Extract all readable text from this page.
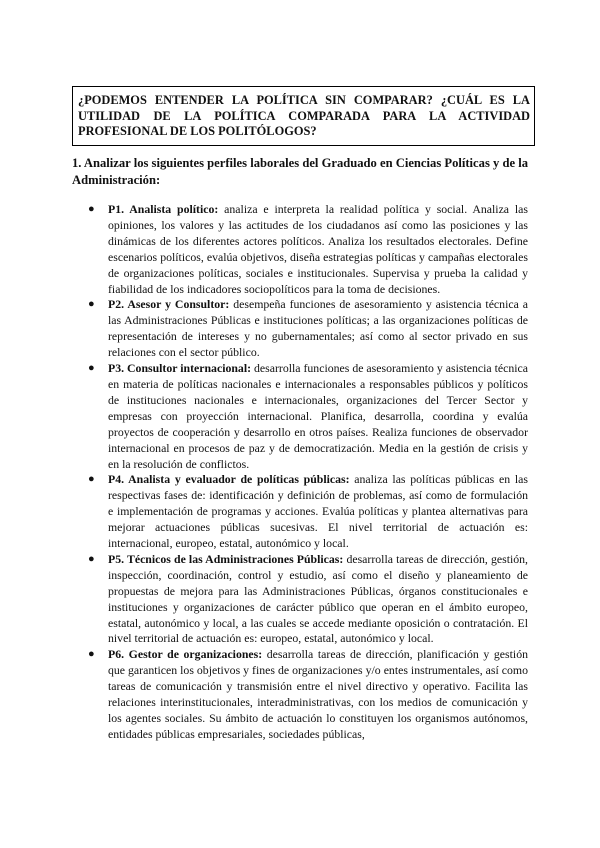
¿PODEMOS ENTENDER LA POLÍTICA SIN COMPARAR? ¿CUÁL ES LA UTILIDAD DE LA POLÍTICA COMPARADA PARA LA ACTIVIDAD PROFESIONAL DE LOS POLITÓLOGOS?
1. Analizar los siguientes perfiles laborales del Graduado en Ciencias Políticas y de la Administración:
● P1. Analista político: analiza e interpreta la realidad política y social. Analiza las opiniones, los valores y las actitudes de los ciudadanos así como las posiciones y las dinámicas de los diferentes actores políticos. Analiza los resultados electorales. Define escenarios políticos, evalúa objetivos, diseña estrategias políticas y campañas electorales de organizaciones políticas, sociales e institucionales. Supervisa y prueba la calidad y fiabilidad de los indicadores sociopolíticos para la toma de decisiones.
● P2. Asesor y Consultor: desempeña funciones de asesoramiento y asistencia técnica a las Administraciones Públicas e instituciones políticas; a las organizaciones políticas de representación de intereses y no gubernamentales; así como al sector privado en sus relaciones con el sector público.
● P3. Consultor internacional: desarrolla funciones de asesoramiento y asistencia técnica en materia de políticas nacionales e internacionales a responsables públicos y políticos de instituciones nacionales e internacionales, organizaciones del Tercer Sector y empresas con proyección internacional. Planifica, desarrolla, coordina y evalúa proyectos de cooperación y desarrollo en otros países. Realiza funciones de observador internacional en procesos de paz y de democratización. Media en la gestión de crisis y en la resolución de conflictos.
● P4. Analista y evaluador de políticas públicas: analiza las políticas públicas en las respectivas fases de: identificación y definición de problemas, así como de formulación e implementación de programas y acciones. Evalúa políticas y plantea alternativas para mejorar actuaciones públicas sucesivas. El nivel territorial de actuación es: internacional, europeo, estatal, autonómico y local.
● P5. Técnicos de las Administraciones Públicas: desarrolla tareas de dirección, gestión, inspección, coordinación, control y estudio, así como el diseño y planeamiento de propuestas de mejora para las Administraciones Públicas, órganos constitucionales e instituciones y organizaciones de carácter público que operan en el ámbito europeo, estatal, autonómico y local, a las cuales se accede mediante oposición o contratación. El nivel territorial de actuación es: europeo, estatal, autonómico y local.
● P6. Gestor de organizaciones: desarrolla tareas de dirección, planificación y gestión que garanticen los objetivos y fines de organizaciones y/o entes instrumentales, así como tareas de comunicación y transmisión entre el nivel directivo y operativo. Facilita las relaciones interinstitucionales, interadministrativas, con los medios de comunicación y los agentes sociales. Su ámbito de actuación lo constituyen los organismos autónomos, entidades públicas empresariales, sociedades públicas,
